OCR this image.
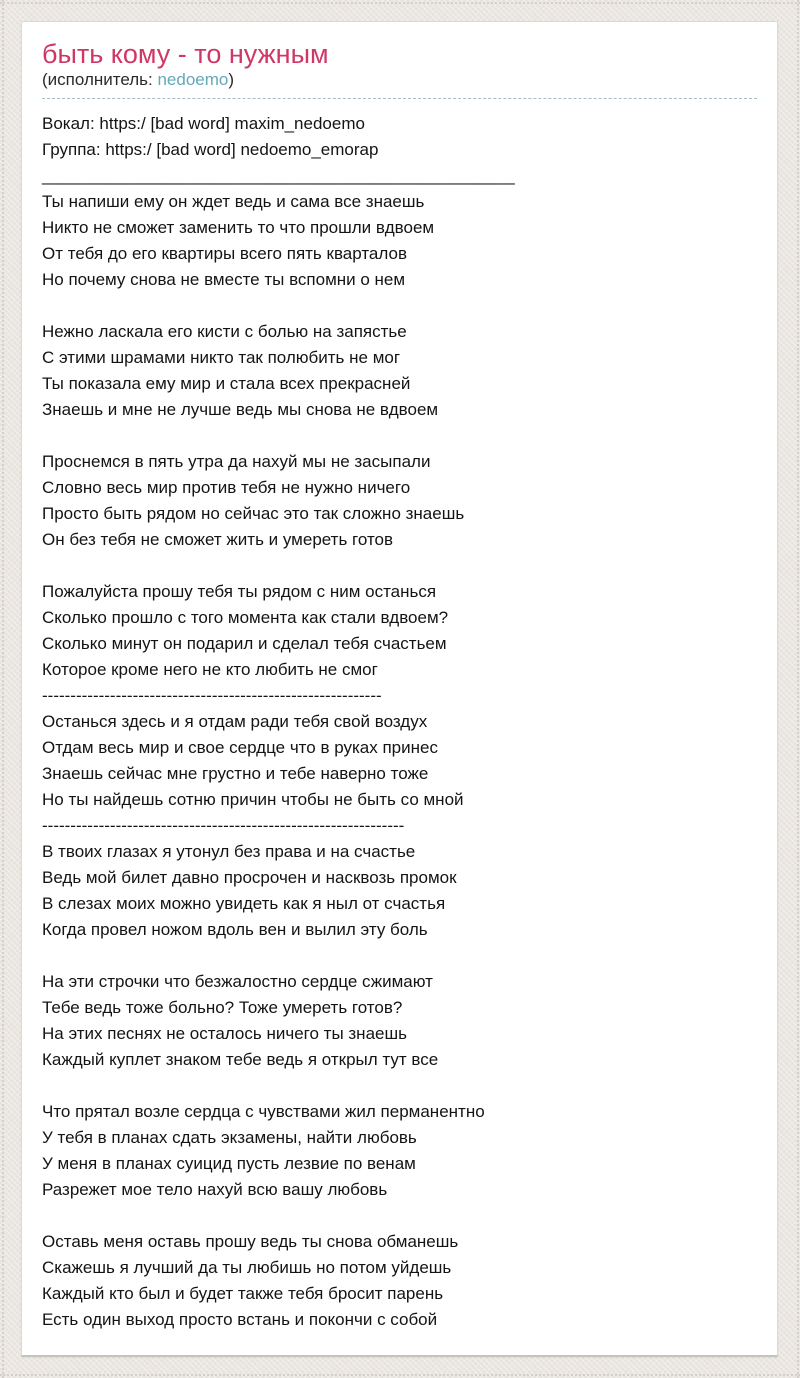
быть кому - то нужным
(исполнитель: nedoemo)
Вокал: https:/ [bad word] maxim_nedoemo
Группа: https:/ [bad word] nedoemo_emorap
__________________________________________________
Ты напиши ему он ждет ведь и сама все знаешь
Никто не сможет заменить то что прошли вдвоем
От тебя до его квартиры всего пять кварталов
Но почему снова не вместе ты вспомни о нем

Нежно ласкала его кисти с болью на запястье
С этими шрамами никто так полюбить не мог
Ты показала ему мир и стала всех прекрасней
Знаешь и мне не лучше ведь мы снова не вдвоем

Проснемся в пять утра да нахуй мы не засыпали
Словно весь мир против тебя не нужно ничего
Просто быть рядом но сейчас это так сложно знаешь
Он без тебя не сможет жить и умереть готов

Пожалуйста прошу тебя ты рядом с ним останься
Сколько прошло с того момента как стали вдвоем?
Сколько минут он подарил и сделал тебя счастьем
Которое кроме него не кто любить не смог
------------------------------------------------------------
Останься здесь и я отдам ради тебя свой воздух
Отдам весь мир и свое сердце что в руках принес
Знаешь сейчас мне грустно и тебе наверно тоже
Но ты найдешь сотню причин чтобы не быть со мной
----------------------------------------------------------------
В твоих глазах я утонул без права и на счастье
Ведь мой билет давно просрочен и насквозь промок
В слезах моих можно увидеть как я ныл от счастья
Когда провел ножом вдоль вен и вылил эту боль

На эти строчки что безжалостно сердце сжимают
Тебе ведь тоже больно? Тоже умереть готов?
На этих песнях не осталось ничего ты знаешь
Каждый куплет знаком тебе ведь я открыл тут все

Что прятал возле сердца с чувствами жил перманентно
У тебя в планах сдать экзамены, найти любовь
У меня в планах суицид пусть лезвие по венам
Разрежет мое тело нахуй всю вашу любовь

Оставь меня оставь прошу ведь ты снова обманешь
Скажешь я лучший да ты любишь но потом уйдешь
Каждый кто был и будет также тебя бросит парень
Есть один выход просто встань и покончи с собой
